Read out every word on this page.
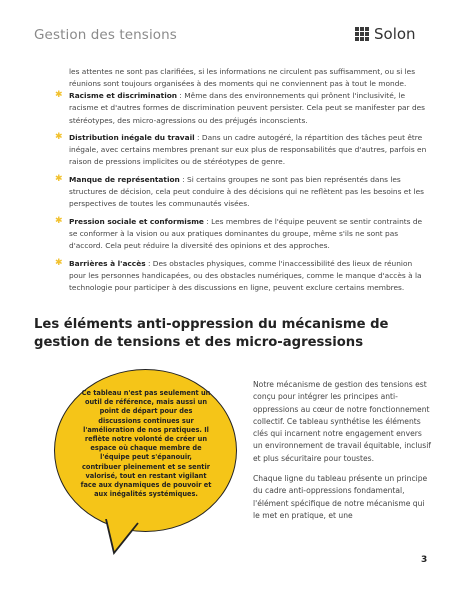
Gestion des tensions	Solon
les attentes ne sont pas clarifiées, si les informations ne circulent pas suffisamment, ou si les réunions sont toujours organisées à des moments qui ne conviennent pas à tout le monde.
✱ Racisme et discrimination : Même dans des environnements qui prônent l'inclusivité, le racisme et d'autres formes de discrimination peuvent persister. Cela peut se manifester par des stéréotypes, des micro-agressions ou des préjugés inconscients.
✱ Distribution inégale du travail : Dans un cadre autogéré, la répartition des tâches peut être inégale, avec certains membres prenant sur eux plus de responsabilités que d'autres, parfois en raison de pressions implicites ou de stéréotypes de genre.
✱ Manque de représentation : Si certains groupes ne sont pas bien représentés dans les structures de décision, cela peut conduire à des décisions qui ne reflètent pas les besoins et les perspectives de toutes les communautés visées.
✱ Pression sociale et conformisme : Les membres de l'équipe peuvent se sentir contraints de se conformer à la vision ou aux pratiques dominantes du groupe, même s'ils ne sont pas d'accord. Cela peut réduire la diversité des opinions et des approches.
✱ Barrières à l'accès : Des obstacles physiques, comme l'inaccessibilité des lieux de réunion pour les personnes handicapées, ou des obstacles numériques, comme le manque d'accès à la technologie pour participer à des discussions en ligne, peuvent exclure certains membres.
Les éléments anti-oppression du mécanisme de gestion de tensions et des micro-agressions
Ce tableau n'est pas seulement un outil de référence, mais aussi un point de départ pour des discussions continues sur l'amélioration de nos pratiques. Il reflète notre volonté de créer un espace où chaque membre de l'équipe peut s'épanouir, contribuer pleinement et se sentir valorisé, tout en restant vigilant face aux dynamiques de pouvoir et aux inégalités systémiques.

Notre mécanisme de gestion des tensions est conçu pour intégrer les principes anti-oppressions au cœur de notre fonctionnement collectif. Ce tableau synthétise les éléments clés qui incarnent notre engagement envers un environnement de travail équitable, inclusif et plus sécuritaire pour toustes.

Chaque ligne du tableau présente un principe du cadre anti-oppressions fondamental, l'élément spécifique de notre mécanisme qui le met en pratique, et une

3
